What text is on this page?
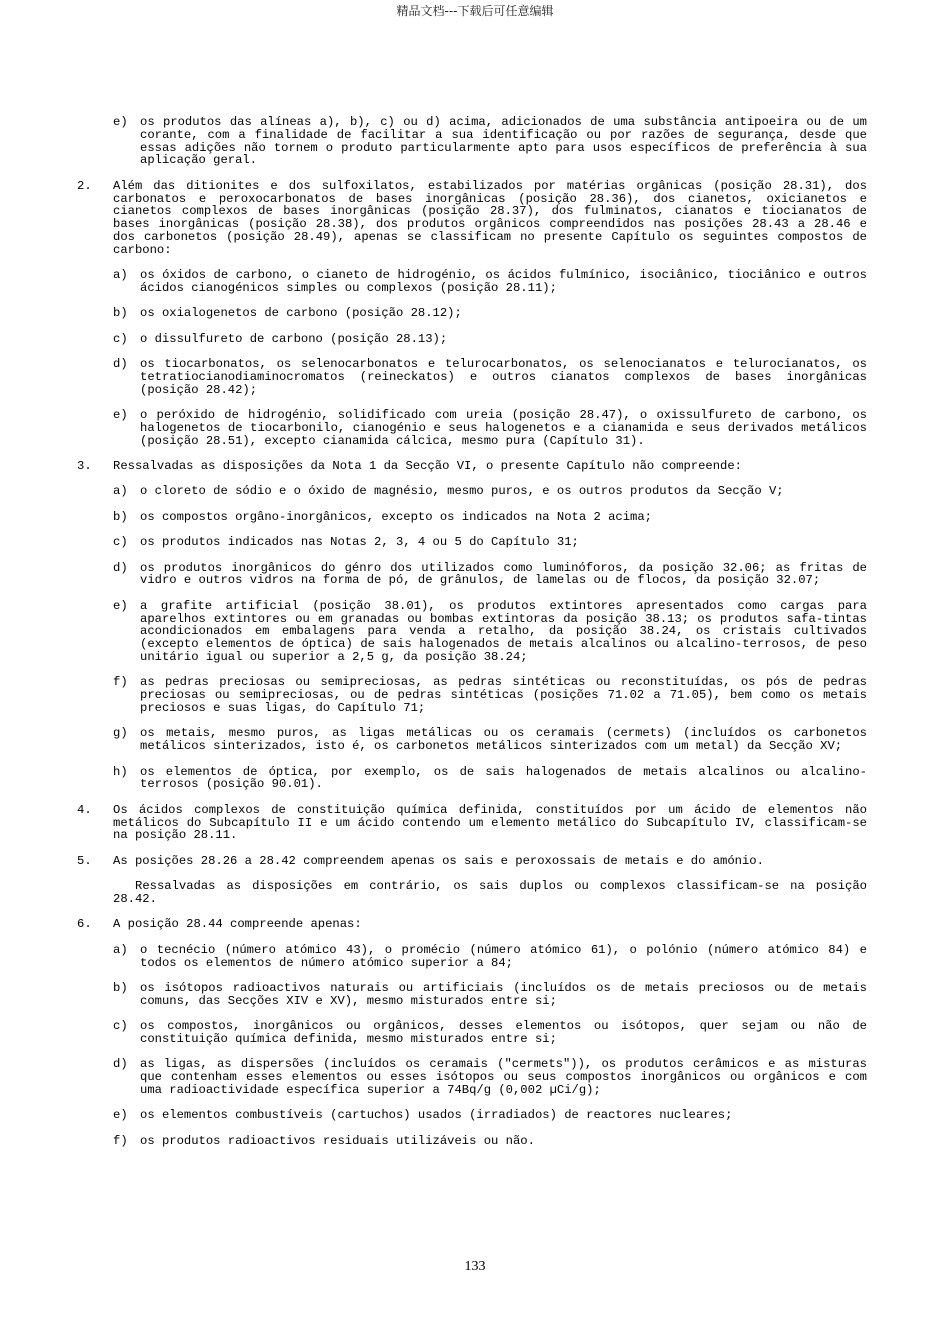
精品文档---下载后可任意编辑
e) os produtos das alíneas a), b), c) ou d) acima, adicionados de uma substância antipoeira ou de um corante, com a finalidade de facilitar a sua identificação ou por razões de segurança, desde que essas adições não tornem o produto particularmente apto para usos específicos de preferência à sua aplicação geral.
2. Além das ditionites e dos sulfoxilatos, estabilizados por matérias orgânicas (posição 28.31), dos carbonatos e peroxocarbonatos de bases inorgânicas (posição 28.36), dos cianetos, oxicianetos e cianetos complexos de bases inorgânicas (posição 28.37), dos fulminatos, cianatos e tiocianatos de bases inorgânicas (posição 28.38), dos produtos orgânicos compreendidos nas posições 28.43 a 28.46 e dos carbonetos (posição 28.49), apenas se classificam no presente Capítulo os seguintes compostos de carbono:
a) os óxidos de carbono, o cianeto de hidrogénio, os ácidos fulmínico, isociânico, tiociânico e outros ácidos cianogénicos simples ou complexos (posição 28.11);
b) os oxialogenetos de carbono (posição 28.12);
c) o dissulfureto de carbono (posição 28.13);
d) os tiocarbonatos, os selenocarbonatos e telurocarbonatos, os selenocianatos e telurocianatos, os tetratiocianodiaminocromatos (reineckatos) e outros cianatos complexos de bases inorgânicas (posição 28.42);
e) o peróxido de hidrogénio, solidificado com ureia (posição 28.47), o oxissulfureto de carbono, os halogenetos de tiocarbonilo, cianogénio e seus halogenetos e a cianamida e seus derivados metálicos (posição 28.51), excepto cianamida cálcica, mesmo pura (Capítulo 31).
3. Ressalvadas as disposições da Nota 1 da Secção VI, o presente Capítulo não compreende:
a) o cloreto de sódio e o óxido de magnésio, mesmo puros, e os outros produtos da Secção V;
b) os compostos orgâno-inorgânicos, excepto os indicados na Nota 2 acima;
c) os produtos indicados nas Notas 2, 3, 4 ou 5 do Capítulo 31;
d) os produtos inorgânicos do génro dos utilizados como luminóforos, da posição 32.06; as fritas de vidro e outros vidros na forma de pó, de grânulos, de lamelas ou de flocos, da posição 32.07;
e) a grafite artificial (posição 38.01), os produtos extintores apresentados como cargas para aparelhos extintores ou em granadas ou bombas extintoras da posição 38.13; os produtos safa-tintas acondicionados em embalagens para venda a retalho, da posição 38.24, os cristais cultivados (excepto elementos de óptica) de sais halogenados de metais alcalinos ou alcalino-terrosos, de peso unitário igual ou superior a 2,5 g, da posição 38.24;
f) as pedras preciosas ou semipreciosas, as pedras sintéticas ou reconstituídas, os pós de pedras preciosas ou semipreciosas, ou de pedras sintéticas (posições 71.02 a 71.05), bem como os metais preciosos e suas ligas, do Capítulo 71;
g) os metais, mesmo puros, as ligas metálicas ou os ceramais (cermets) (incluídos os carbonetos metálicos sinterizados, isto é, os carbonetos metálicos sinterizados com um metal) da Secção XV;
h) os elementos de óptica, por exemplo, os de sais halogenados de metais alcalinos ou alcalino-terrosos (posição 90.01).
4. Os ácidos complexos de constituição química definida, constituídos por um ácido de elementos não metálicos do Subcapítulo II e um ácido contendo um elemento metálico do Subcapítulo IV, classificam-se na posição 28.11.
5. As posições 28.26 a 28.42 compreendem apenas os sais e peroxossais de metais e do amónio.
Ressalvadas as disposições em contrário, os sais duplos ou complexos classificam-se na posição 28.42.
6. A posição 28.44 compreende apenas:
a) o tecnécio (número atómico 43), o promécio (número atómico 61), o polónio (número atómico 84) e todos os elementos de número atómico superior a 84;
b) os isótopos radioactivos naturais ou artificiais (incluídos os de metais preciosos ou de metais comuns, das Secções XIV e XV), mesmo misturados entre si;
c) os compostos, inorgânicos ou orgânicos, desses elementos ou isótopos, quer sejam ou não de constituição química definida, mesmo misturados entre si;
d) as ligas, as dispersões (incluídos os ceramais ("cermets")), os produtos cerâmicos e as misturas que contenham esses elementos ou esses isótopos ou seus compostos inorgânicos ou orgânicos e com uma radioactividade específica superior a 74Bq/g (0,002 µCi/g);
e) os elementos combustíveis (cartuchos) usados (irradiados) de reactores nucleares;
f) os produtos radioactivos residuais utilizáveis ou não.
133
